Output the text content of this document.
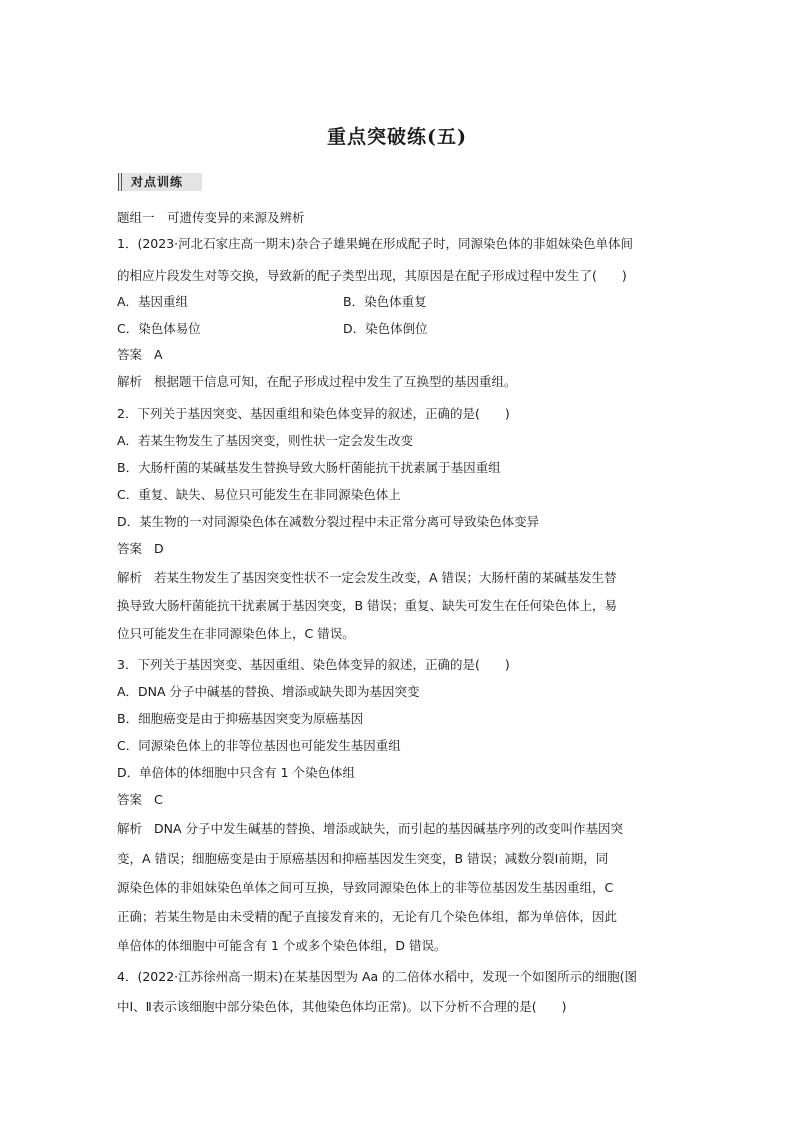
重点突破练(五)
对点训练
题组一　可遗传变异的来源及辨析
1．(2023·河北石家庄高一期末)杂合子雄果蝇在形成配子时，同源染色体的非姐妹染色单体间
的相应片段发生对等交换，导致新的配子类型出现，其原因是在配子形成过程中发生了(　　)
A．基因重组	B．染色体重复
C．染色体易位	D．染色体倒位
答案 A
解析 根据题干信息可知，在配子形成过程中发生了互换型的基因重组。
2．下列关于基因突变、基因重组和染色体变异的叙述，正确的是(　　)
A．若某生物发生了基因突变，则性状一定会发生改变
B．大肠杆菌的某碱基发生替换导致大肠杆菌能抗干扰素属于基因重组
C．重复、缺失、易位只可能发生在非同源染色体上
D．某生物的一对同源染色体在减数分裂过程中未正常分离可导致染色体变异
答案 D
解析 若某生物发生了基因突变性状不一定会发生改变，A 错误；大肠杆菌的某碱基发生替
换导致大肠杆菌能抗干扰素属于基因突变，B 错误；重复、缺失可发生在任何染色体上，易
位只可能发生在非同源染色体上，C 错误。
3．下列关于基因突变、基因重组、染色体变异的叙述，正确的是(　　)
A．DNA 分子中碱基的替换、增添或缺失即为基因突变
B．细胞癌变是由于抑癌基因突变为原癌基因
C．同源染色体上的非等位基因也可能发生基因重组
D．单倍体的体细胞中只含有 1 个染色体组
答案 C
解析 DNA 分子中发生碱基的替换、增添或缺失，而引起的基因碱基序列的改变叫作基因突
变，A 错误；细胞癌变是由于原癌基因和抑癌基因发生突变，B 错误；减数分裂Ⅰ前期，同
源染色体的非姐妹染色单体之间可互换，导致同源染色体上的非等位基因发生基因重组，C
正确；若某生物是由未受精的配子直接发育来的，无论有几个染色体组，都为单倍体，因此
单倍体的体细胞中可能含有 1 个或多个染色体组，D 错误。
4．(2022·江苏徐州高一期末)在某基因型为 Aa 的二倍体水稻中，发现一个如图所示的细胞(图
中Ⅰ、Ⅱ表示该细胞中部分染色体，其他染色体均正常)。以下分析不合理的是(　　)
